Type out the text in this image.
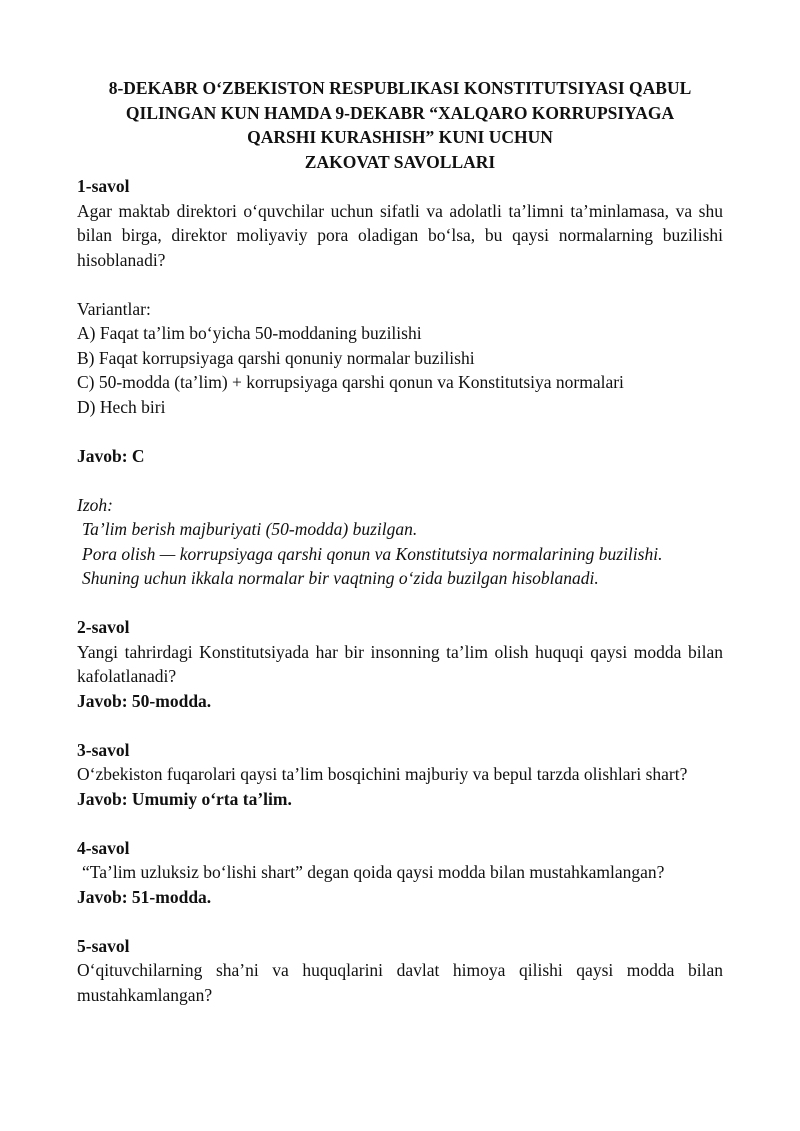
8-DEKABR O‘ZBEKISTON RESPUBLIKASI KONSTITUTSIYASI QABUL
QILINGAN KUN HAMDA 9-DEKABR “XALQARO KORRUPSIYAGA
QARSHI KURASHISH” KUNI UCHUN
ZAKOVAT SAVOLLARI
1-savol
Agar maktab direktori o‘quvchilar uchun sifatli va adolatli ta’limni ta’minlamasa, va shu bilan birga, direktor moliyaviy pora oladigan bo‘lsa, bu qaysi normalarning buzilishi hisoblanadi?
Variantlar:
A) Faqat ta’lim bo‘yicha 50-moddaning buzilishi
B) Faqat korrupsiyaga qarshi qonuniy normalar buzilishi
C) 50-modda (ta’lim) + korrupsiyaga qarshi qonun va Konstitutsiya normalari
D) Hech biri
Javob: C
Izoh:
Ta’lim berish majburiyati (50-modda) buzilgan.
Pora olish — korrupsiyaga qarshi qonun va Konstitutsiya normalarining buzilishi.
Shuning uchun ikkala normalar bir vaqtning o‘zida buzilgan hisoblanadi.
2-savol
Yangi tahrirdagi Konstitutsiyada har bir insonning ta’lim olish huquqi qaysi modda bilan kafolatlanadi?
Javob: 50-modda.
3-savol
O‘zbekiston fuqarolari qaysi ta’lim bosqichini majburiy va bepul tarzda olishlari shart?
Javob: Umumiy o‘rta ta’lim.
4-savol
“Ta’lim uzluksiz bo‘lishi shart” degan qoida qaysi modda bilan mustahkamlangan?
Javob: 51-modda.
5-savol
O‘qituvchilarning sha’ni va huquqlarini davlat himoya qilishi qaysi modda bilan mustahkamlangan?
